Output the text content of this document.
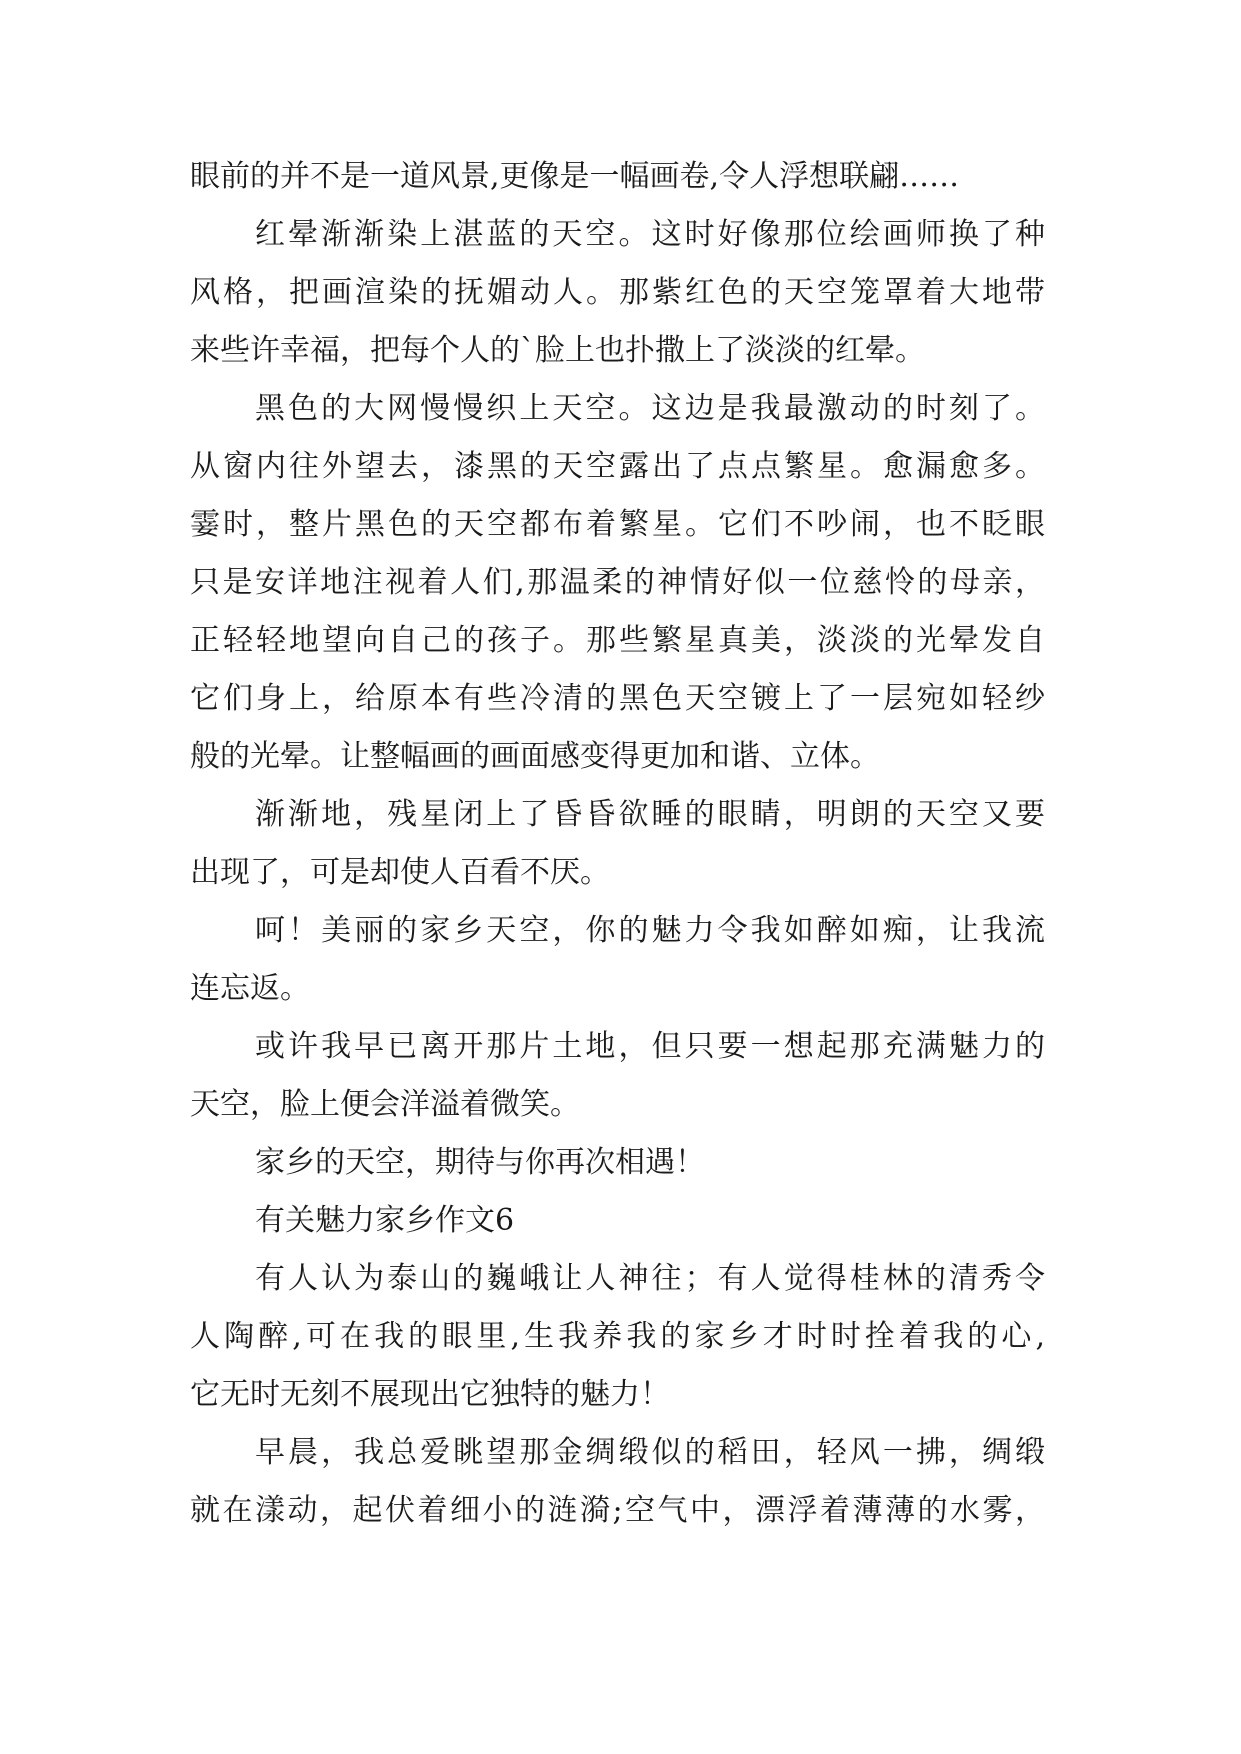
眼前的并不是一道风景,更像是一幅画卷,令人浮想联翩……
红晕渐渐染上湛蓝的天空。这时好像那位绘画师换了种
风格，把画渲染的抚媚动人。那紫红色的天空笼罩着大地带
来些许幸福，把每个人的`脸上也扑撒上了淡淡的红晕。
黑色的大网慢慢织上天空。这边是我最激动的时刻了。
从窗内往外望去，漆黑的天空露出了点点繁星。愈漏愈多。
霎时，整片黑色的天空都布着繁星。它们不吵闹，也不眨眼
只是安详地注视着人们,那温柔的神情好似一位慈怜的母亲，
正轻轻地望向自己的孩子。那些繁星真美，淡淡的光晕发自
它们身上，给原本有些冷清的黑色天空镀上了一层宛如轻纱
般的光晕。让整幅画的画面感变得更加和谐、立体。
渐渐地，残星闭上了昏昏欲睡的眼睛，明朗的天空又要
出现了，可是却使人百看不厌。
呵！美丽的家乡天空，你的魅力令我如醉如痴，让我流
连忘返。
或许我早已离开那片土地，但只要一想起那充满魅力的
天空，脸上便会洋溢着微笑。
家乡的天空，期待与你再次相遇！
有关魅力家乡作文6
有人认为泰山的巍峨让人神往；有人觉得桂林的清秀令
人陶醉,可在我的眼里,生我养我的家乡才时时拴着我的心,
它无时无刻不展现出它独特的魅力！
早晨，我总爱眺望那金绸缎似的稻田，轻风一拂，绸缎
就在漾动，起伏着细小的涟漪;空气中，漂浮着薄薄的水雾，
